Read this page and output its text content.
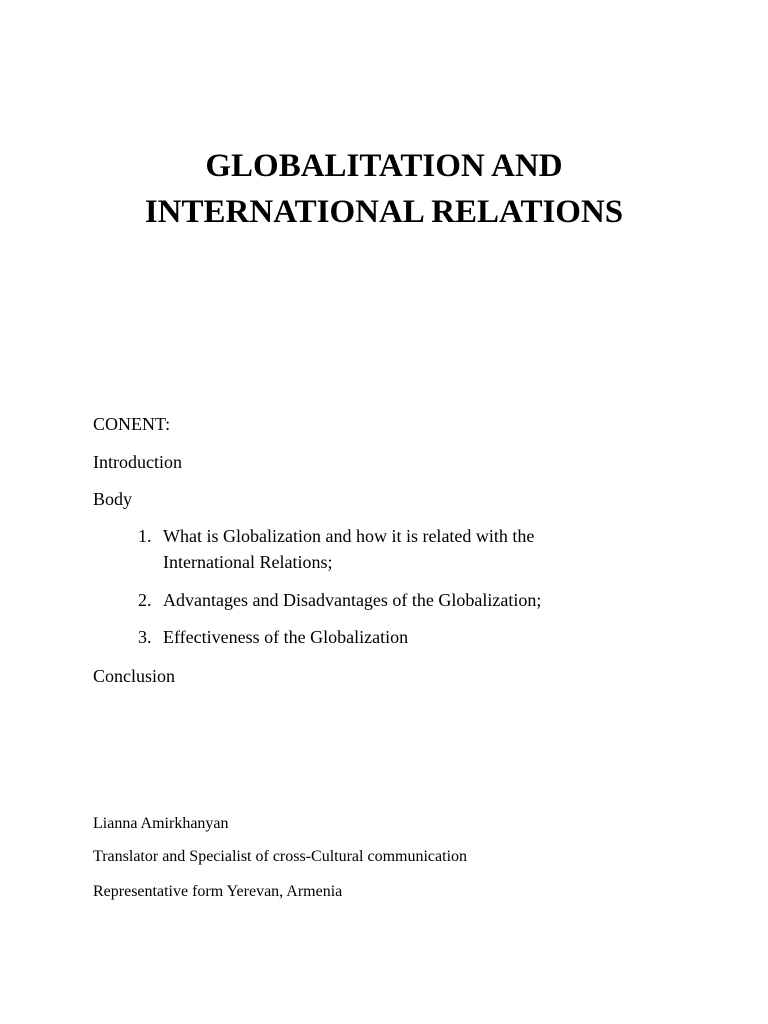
GLOBALITATION AND
INTERNATIONAL RELATIONS
CONENT:
Introduction
Body
1. What is Globalization and how it is related with the
International Relations;
2. Advantages and Disadvantages of the Globalization;
3. Effectiveness of the Globalization
Conclusion
Lianna Amirkhanyan
Translator and Specialist of cross-Cultural communication
Representative form Yerevan, Armenia
